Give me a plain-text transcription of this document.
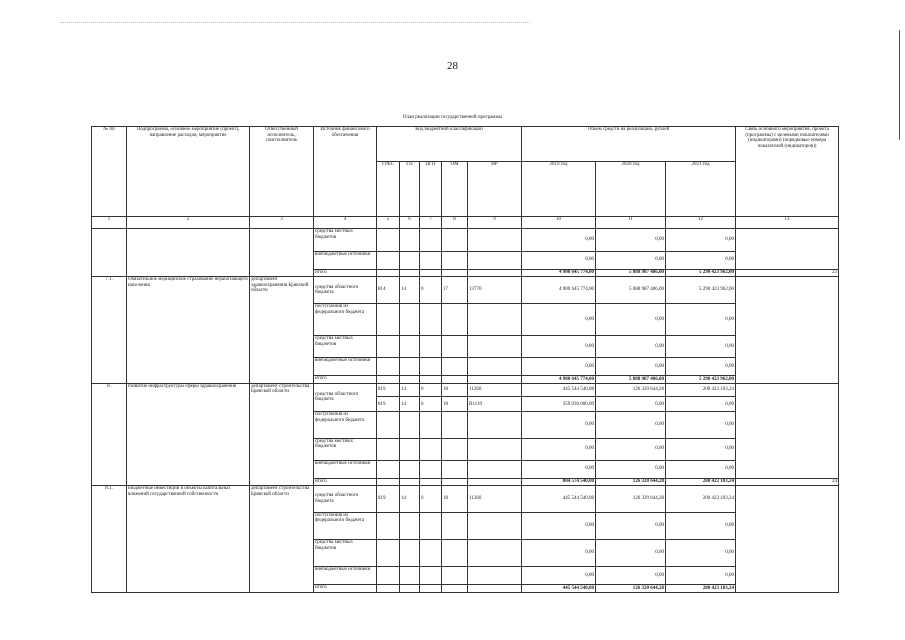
28
План реализации государственной программы
№ пп	Подпрограмма, основное мероприятие (проект), направление расходов, мероприятие	Ответственный исполнитель, соисполнитель	Источник финансового обеспечения	Код бюджетной классификации					Объем средств на реализацию, рублей			Связь основного мероприятия, проекта (программы) с целевыми показателями (индикаторами) (порядковые номера показателей (индикаторов))
				ГРБС	ГП	ПГП	ОМ	НР	2019 год	2020 год	2021 год	
1	2	3	4	5	6	7	8	9	10	11	12	13
			средства местных бюджетов						0,00	0,00	0,00	
			внебюджетные источники						0,00	0,00	0,00	
			итого						4 900 645 774,00	5 088 987 486,00	5 290 423 962,00	23
7.1.	Обязательное медицинское страхование неработающего населения	департамент здравоохранения Брянской области	средства областного бюджета	814	14	0	17	13770	4 900 645 774,00	5 088 987 486,00	5 290 423 962,00	
			поступления из федерального бюджета						0,00	0,00	0,00	
			средства местных бюджетов						0,00	0,00	0,00	
			внебюджетные источники						0,00	0,00	0,00	
			итого						4 900 645 774,00	5 088 987 486,00	5 290 423 962,00	
8.	Развитие инфраструктуры сферы здравоохранения	департамент строительства Брянской области	средства областного бюджета	819	14	0	18	11260	445 544 540,08	126 320 644,28	200 423 103,24	
				819	14	0	18	R1110	359 030 000,00	0,00	0,00	
			поступления из федерального бюджета						0,00	0,00	0,00	
			средства местных бюджетов						0,00	0,00	0,00	
			внебюджетные источники						0,00	0,00	0,00	
			итого						804 574 540,08	126 320 644,28	200 423 103,24	24
8.1.	Бюджетные инвестиции в объекты капитальных вложений государственной собственности	департамент строительства Брянской области	средства областного бюджета	819	14	0	18	11260	445 544 540,08	126 320 644,28	200 423 103,24	
			поступления из федерального бюджета						0,00	0,00	0,00	
			средства местных бюджетов						0,00	0,00	0,00	
			внебюджетные источники						0,00	0,00	0,00	
			итого						445 544 540,08	126 320 644,28	200 423 103,24	
